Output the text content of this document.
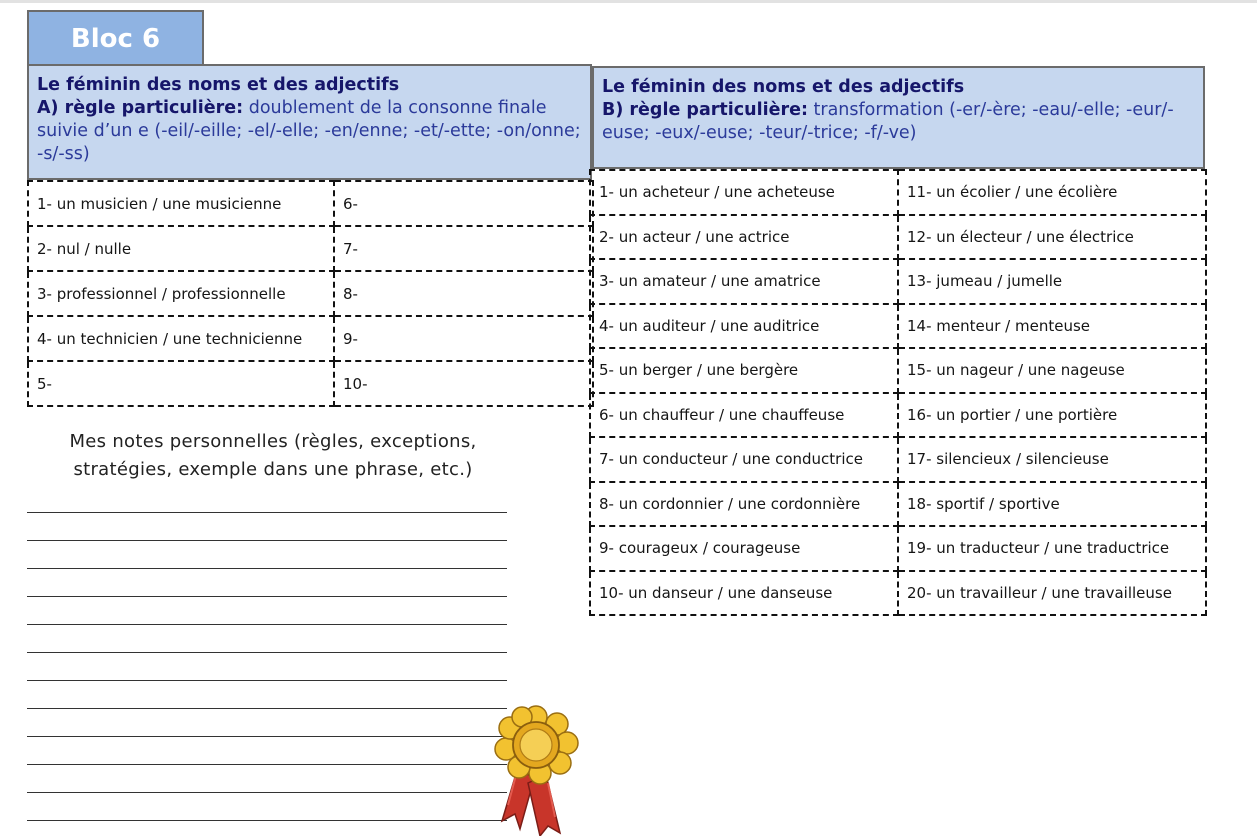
Bloc 6
Le féminin des noms et des adjectifs
A) règle particulière: doublement de la consonne finale suivie d’un e (-eil/-eille; -el/-elle; -en/enne; -et/-ette; -on/onne; -s/-ss)
Le féminin des noms et des adjectifs
B) règle particulière: transformation (-er/-ère; -eau/-elle; -eur/-euse; -eux/-euse; -teur/-trice; -f/-ve)
1- un musicien / une musicienne	6-
2- nul / nulle	7-
3- professionnel / professionnelle	8-
4- un technicien / une technicienne	9-
5-	10-
1- un acheteur / une acheteuse	11- un écolier / une écolière
2- un acteur / une actrice	12- un électeur / une électrice
3- un amateur / une amatrice	13- jumeau / jumelle
4- un auditeur / une auditrice	14- menteur / menteuse
5- un berger / une bergère	15- un nageur / une nageuse
6- un chauffeur / une chauffeuse	16- un portier / une portière
7- un conducteur / une conductrice	17- silencieux / silencieuse
8- un cordonnier / une cordonnière	18- sportif / sportive
9- courageux / courageuse	19- un traducteur / une traductrice
10- un danseur / une danseuse	20- un travailleur / une travailleuse
Mes notes personnelles (règles, exceptions,
stratégies, exemple dans une phrase, etc.)
